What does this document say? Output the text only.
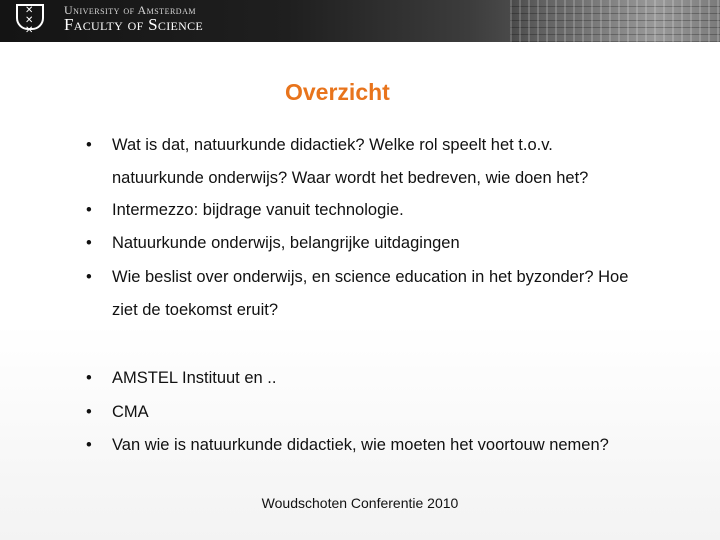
✕
✕
✕
University of Amsterdam
Faculty of Science
Overzicht
• Wat is dat, natuurkunde didactiek? Welke rol speelt het t.o.v.
natuurkunde onderwijs? Waar wordt het bedreven, wie doen het?
• Intermezzo: bijdrage vanuit technologie.
• Natuurkunde onderwijs, belangrijke uitdagingen
• Wie beslist over onderwijs, en science education in het byzonder? Hoe
ziet de toekomst eruit?
• AMSTEL Instituut en ..
• CMA
• Van wie is natuurkunde didactiek, wie moeten het voortouw nemen?
Woudschoten Conferentie 2010
